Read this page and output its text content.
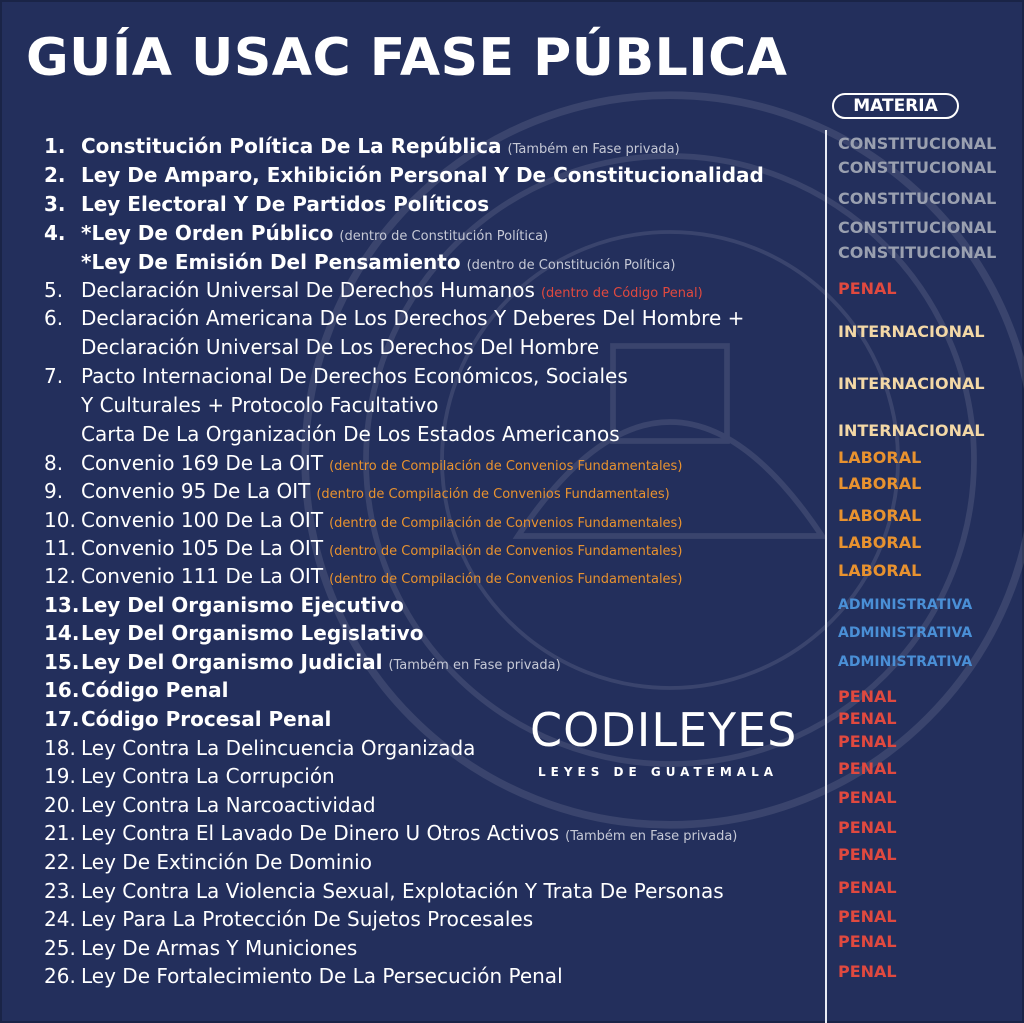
GUÍA USAC FASE PÚBLICA
MATERIA
1. Constitución Política De La República (Também en Fase privada)
2. Ley De Amparo, Exhibición Personal Y De Constitucionalidad
3. Ley Electoral Y De Partidos Políticos
4. *Ley De Orden Público (dentro de Constitución Política)
*Ley De Emisión Del Pensamiento (dentro de Constitución Política)
5. Declaración Universal De Derechos Humanos (dentro de Código Penal)
6. Declaración Americana De Los Derechos Y Deberes Del Hombre +
Declaración Universal De Los Derechos Del Hombre
7. Pacto Internacional De Derechos Económicos, Sociales
Y Culturales + Protocolo Facultativo
Carta De La Organización De Los Estados Americanos
8. Convenio 169 De La OIT (dentro de Compilación de Convenios Fundamentales)
9. Convenio 95 De La OIT (dentro de Compilación de Convenios Fundamentales)
10. Convenio 100 De La OIT (dentro de Compilación de Convenios Fundamentales)
11. Convenio 105 De La OIT (dentro de Compilación de Convenios Fundamentales)
12. Convenio 111 De La OIT (dentro de Compilación de Convenios Fundamentales)
13.Ley Del Organismo Ejecutivo
14.Ley Del Organismo Legislativo
15.Ley Del Organismo Judicial (Também en Fase privada)
16.Código Penal
17.Código Procesal Penal
18. Ley Contra La Delincuencia Organizada
19. Ley Contra La Corrupción
20. Ley Contra La Narcoactividad
21. Ley Contra El Lavado De Dinero U Otros Activos (Também en Fase privada)
22. Ley De Extinción De Dominio
23. Ley Contra La Violencia Sexual, Explotación Y Trata De Personas
24. Ley Para La Protección De Sujetos Procesales
25. Ley De Armas Y Municiones
26. Ley De Fortalecimiento De La Persecución Penal
CONSTITUCIONAL
CONSTITUCIONAL
CONSTITUCIONAL
CONSTITUCIONAL
CONSTITUCIONAL
PENAL
INTERNACIONAL
INTERNACIONAL
INTERNACIONAL
LABORAL
LABORAL
LABORAL
LABORAL
LABORAL
ADMINISTRATIVA
ADMINISTRATIVA
ADMINISTRATIVA
PENAL
PENAL
PENAL
PENAL
PENAL
PENAL
PENAL
PENAL
PENAL
PENAL
PENAL
CODILEYES
LEYES DE GUATEMALA
